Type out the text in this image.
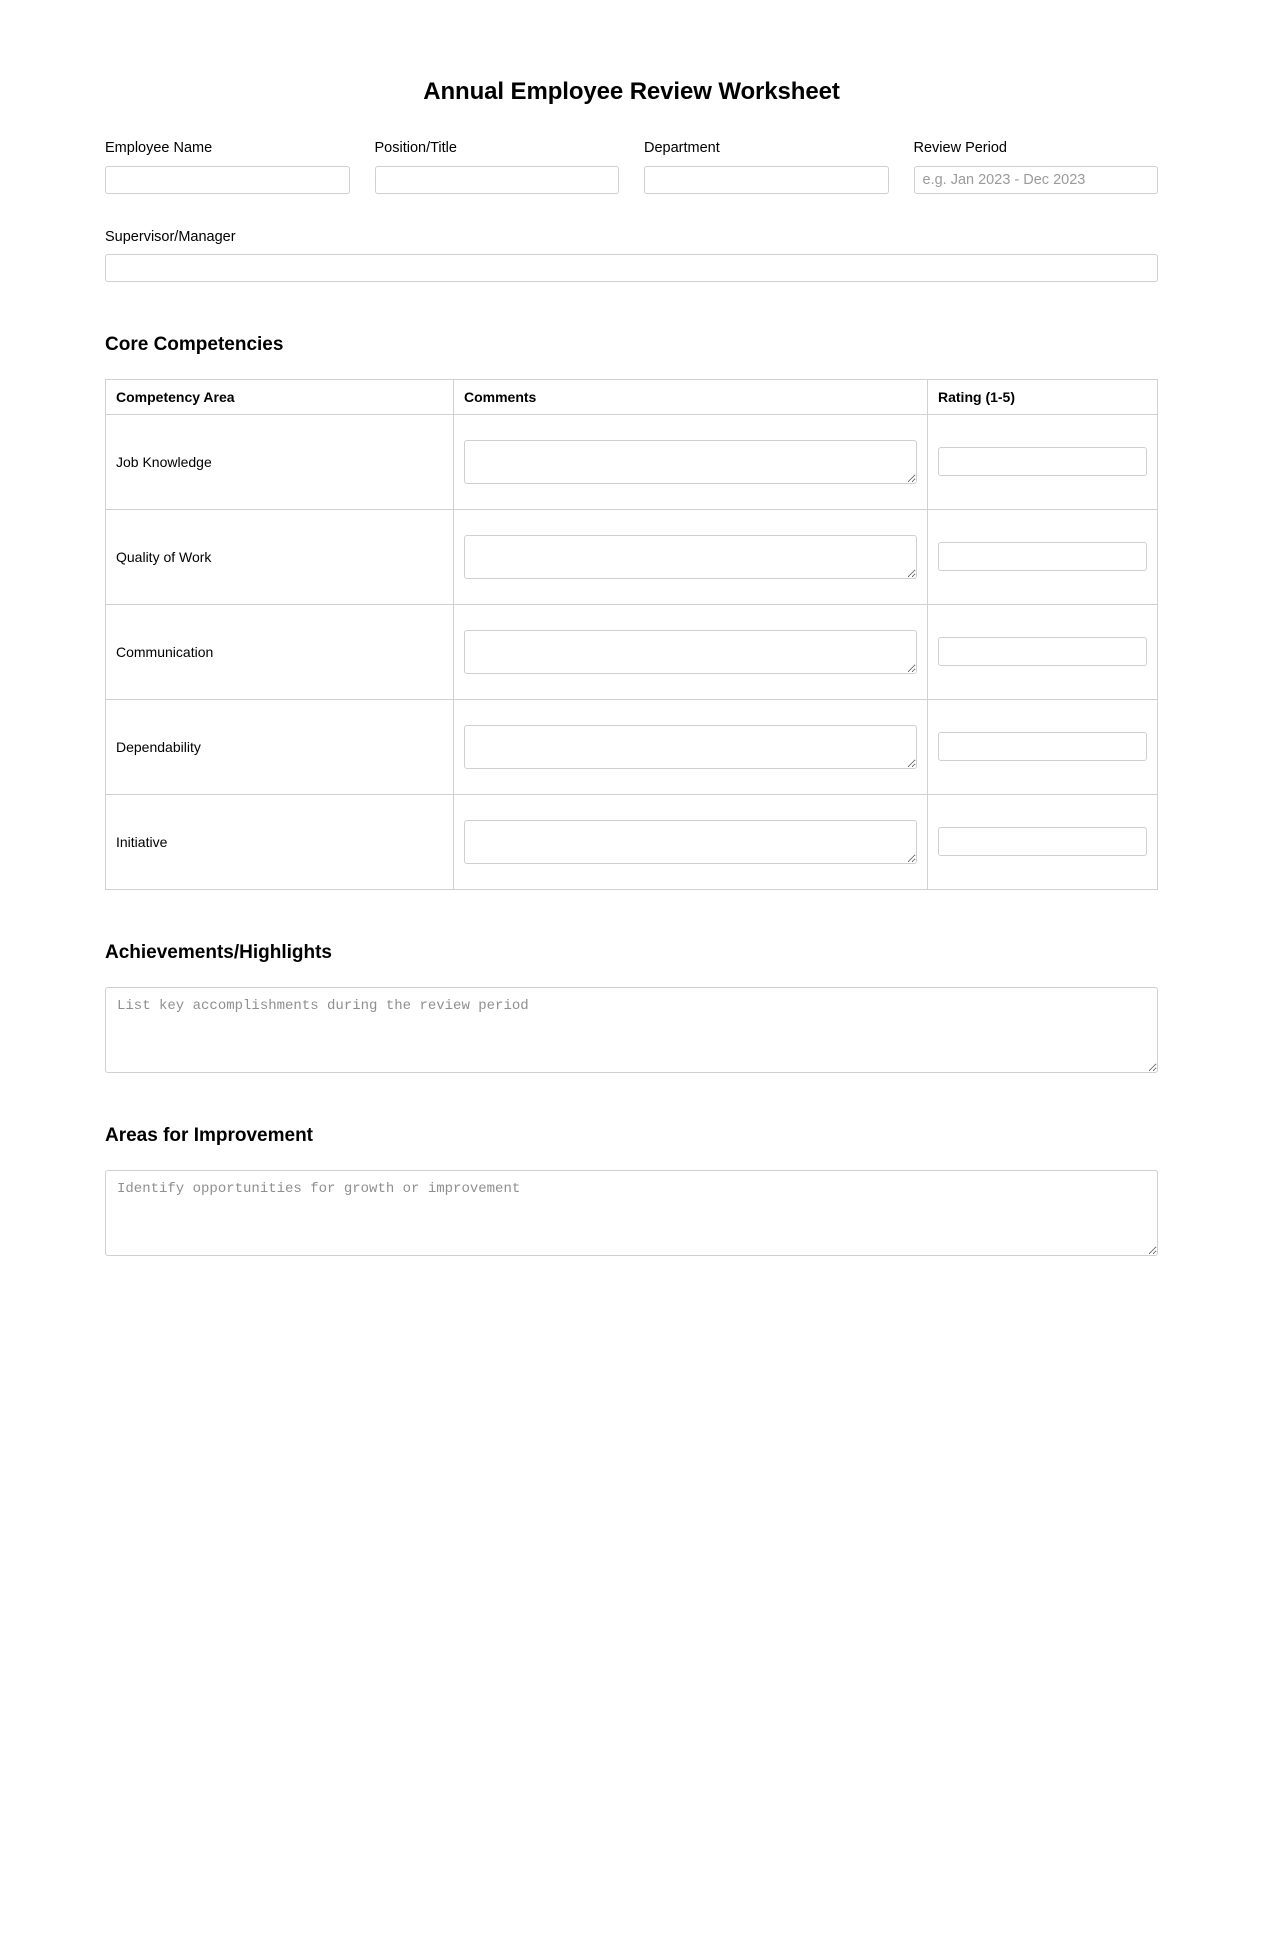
Annual Employee Review Worksheet
Employee Name	Position/Title	Department	Review Period
e.g. Jan 2023 - Dec 2023
Supervisor/Manager
Core Competencies
Competency Area	Comments	Rating (1-5)
Job Knowledge	

Quality of Work	

Communication	

Dependability	

Initiative	

Achievements/Highlights
List key accomplishments during the review period
Areas for Improvement
Identify opportunities for growth or improvement
